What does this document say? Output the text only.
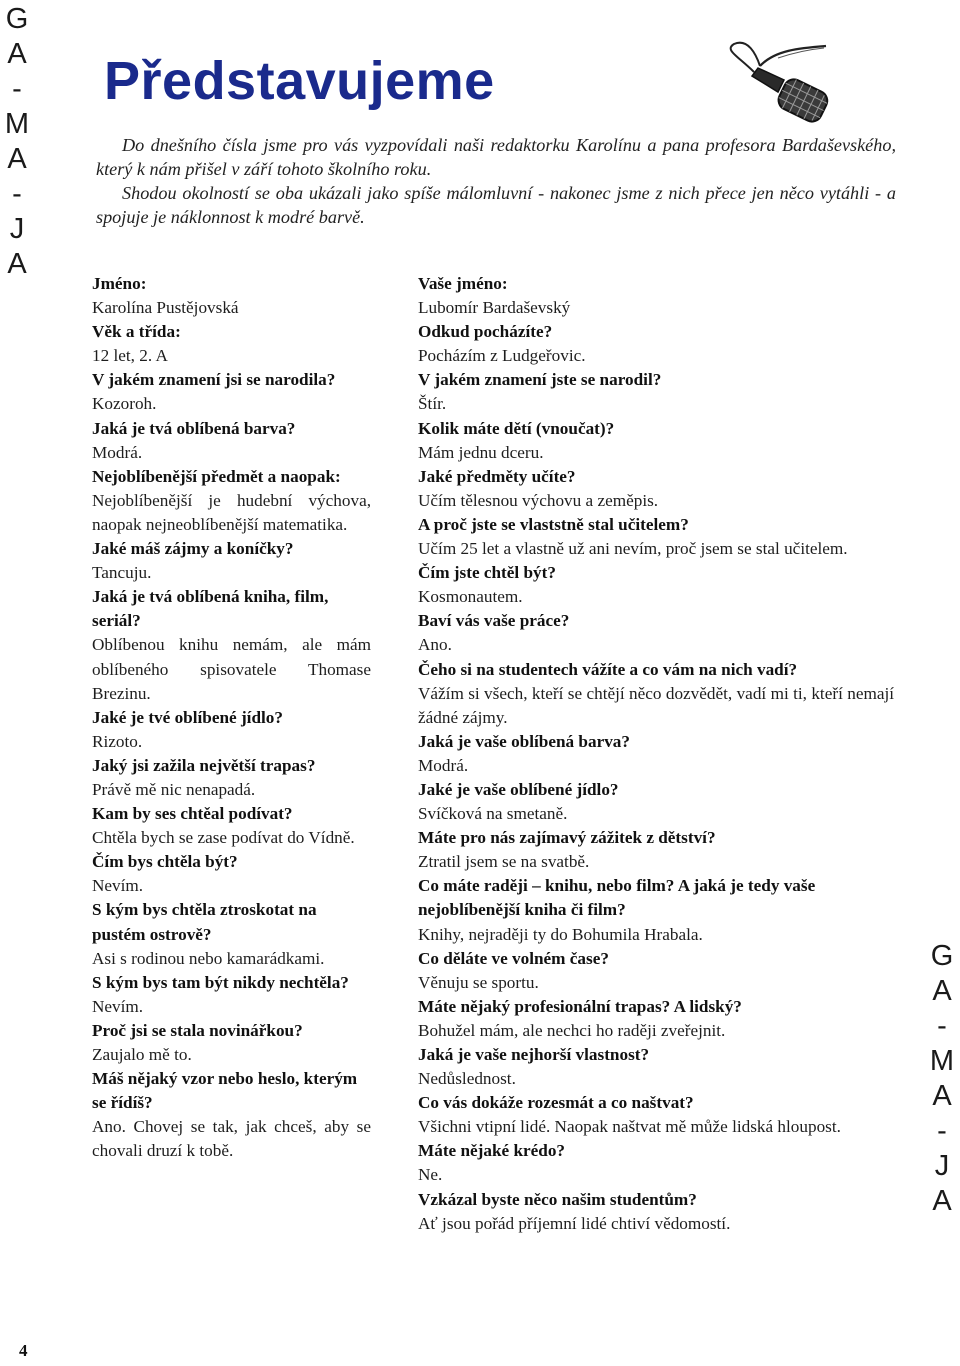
G
A
-
M
A
-
J
A
G
A
-
M
A
-
J
A
Představujeme

Do dnešního čísla jsme pro vás vyzpovídali naši redaktorku Karolínu a pana profesora Bardaševského, který k nám přišel v září tohoto školního roku.

Shodou okolností se oba ukázali jako spíše málomluvní - nakonec jsme z nich přece jen něco vytáhli - a spojuje je náklonnost k modré barvě.

Jméno:
Karolína Pustějovská
Věk a třída:
12 let, 2. A
V jakém znamení jsi se narodila?
Kozoroh.
Jaká je tvá oblíbená barva?
Modrá.
Nejoblíbenější předmět a naopak:
Nejoblíbenější je hudební výchova, naopak nejneoblíbenější matematika.
Jaké máš zájmy a koníčky?
Tancuju.
Jaká je tvá oblíbená kniha, film, seriál?
Oblíbenou knihu nemám, ale mám oblíbeného spisovatele Thomase Brezinu.
Jaké je tvé oblíbené jídlo?
Rizoto.
Jaký jsi zažila největší trapas?
Právě mě nic nenapadá.
Kam by ses chtěal podívat?
Chtěla bych se zase podívat do Vídně.
Čím bys chtěla být?
Nevím.
S kým bys chtěla ztroskotat na pustém ostrově?
Asi s rodinou nebo kamarádkami.
S kým bys tam být nikdy nechtěla?
Nevím.
Proč jsi se stala novinářkou?
Zaujalo mě to.
Máš nějaký vzor nebo heslo, kterým se řídíš?
Ano. Chovej se tak, jak chceš, aby se chovali druzí k tobě.
Vaše jméno:
Lubomír Bardaševský
Odkud pocházíte?
Pocházím z Ludgeřovic.
V jakém znamení jste se narodil?
Štír.
Kolik máte dětí (vnoučat)?
Mám jednu dceru.
Jaké předměty učíte?
Učím tělesnou výchovu a zeměpis.
A proč jste se vlaststně stal učitelem?
Učím 25 let a vlastně už ani nevím, proč jsem se stal učitelem.
Čím jste chtěl být?
Kosmonautem.
Baví vás vaše práce?
Ano.
Čeho si na studentech vážíte a co vám na nich vadí?
Vážím si všech, kteří se chtějí něco dozvědět, vadí mi ti, kteří nemají žádné zájmy.
Jaká je vaše oblíbená barva?
Modrá.
Jaké je vaše oblíbené jídlo?
Svíčková na smetaně.
Máte pro nás zajímavý zážitek z dětství?
Ztratil jsem se na svatbě.
Co máte raději – knihu, nebo film? A jaká je tedy vaše nejoblíbenější kniha či film?
Knihy, nejraději ty do Bohumila Hrabala.
Co děláte ve volném čase?
Věnuju se sportu.
Máte nějaký profesionální trapas? A lidský?
Bohužel mám, ale nechci ho raději zveřejnit.
Jaká je vaše nejhorší vlastnost?
Nedůslednost.
Co vás dokáže rozesmát a co naštvat?
Všichni vtipní lidé. Naopak naštvat mě může lidská hloupost.
Máte nějaké krédo?
Ne.
Vzkázal byste něco našim studentům?
Ať jsou pořád příjemní lidé chtiví vědomostí.
4
